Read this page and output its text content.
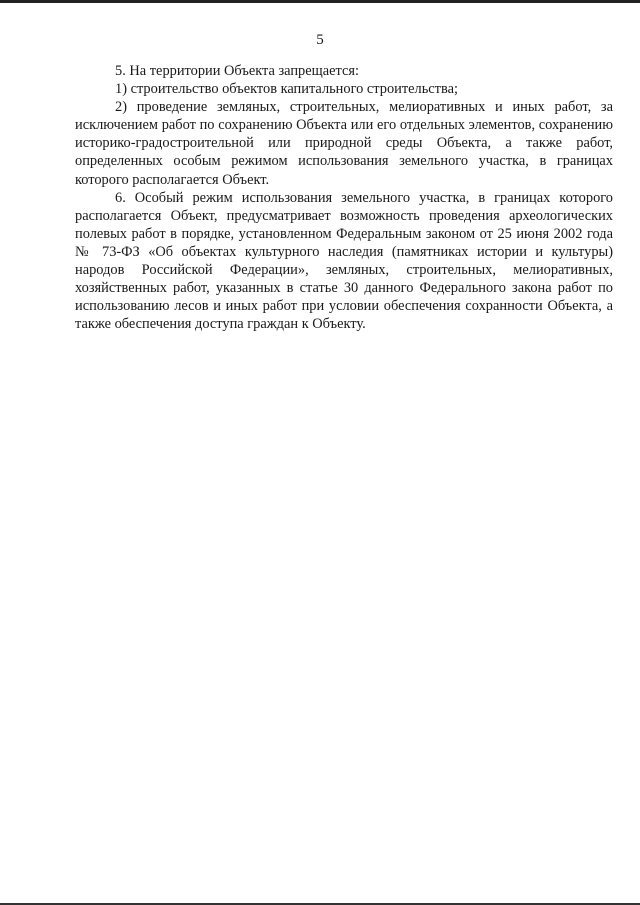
5

5. На территории Объекта запрещается:

1) строительство объектов капитального строительства;

2) проведение земляных, строительных, мелиоративных и иных работ, за исключением работ по сохранению Объекта или его отдельных элементов, сохранению историко-градостроительной или природной среды Объекта, а также работ, определенных особым режимом использования земельного участка, в границах которого располагается Объект.

6. Особый режим использования земельного участка, в границах которого располагается Объект, предусматривает возможность проведения археологических полевых работ в порядке, установленном Федеральным законом от 25 июня 2002 года № 73-ФЗ «Об объектах культурного наследия (памятниках истории и культуры) народов Российской Федерации», земляных, строительных, мелиоративных, хозяйственных работ, указанных в статье 30 данного Федерального закона работ по использованию лесов и иных работ при условии обеспечения сохранности Объекта, а также обеспечения доступа граждан к Объекту.
